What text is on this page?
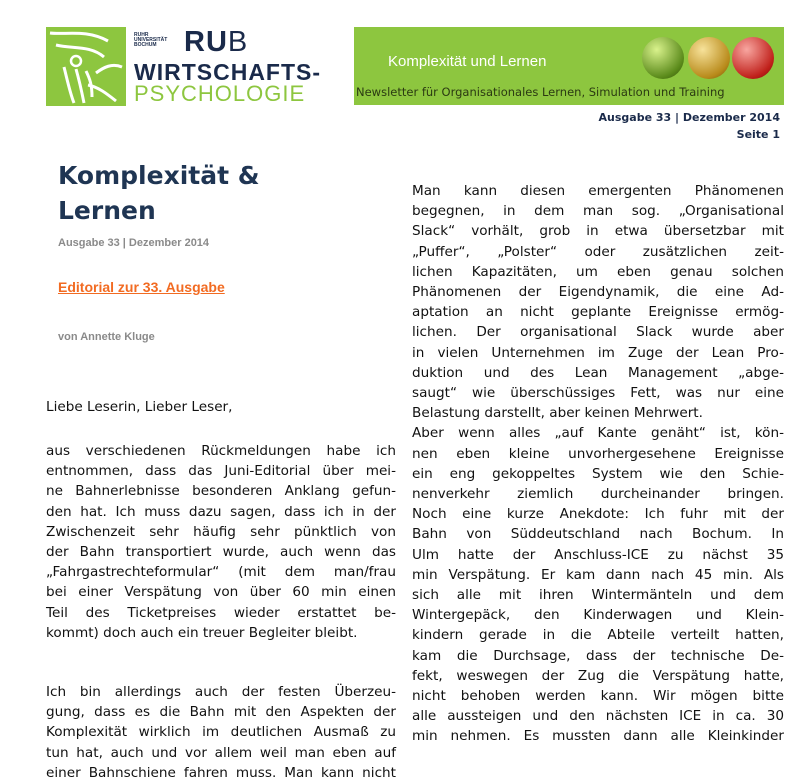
RUHR
UNIVERSITÄT
BOCHUM RUB
WIRTSCHAFTS-
PSYCHOLOGIE
Komplexität und Lernen
Newsletter für Organisationales Lernen, Simulation und Training
Ausgabe 33 | Dezember 2014
Seite 1
Komplexität &
Lernen
Ausgabe 33 | Dezember 2014
Editorial zur 33. Ausgabe
von Annette Kluge
Liebe Leserin, Lieber Leser,
aus verschiedenen Rückmeldungen habe ich
entnommen, dass das Juni-Editorial über mei-
ne Bahnerlebnisse besonderen Anklang gefun-
den hat. Ich muss dazu sagen, dass ich in der
Zwischenzeit sehr häufig sehr pünktlich von
der Bahn transportiert wurde, auch wenn das
„Fahrgastrechteformular“ (mit dem man/frau
bei einer Verspätung von über 60 min einen
Teil des Ticketpreises wieder erstattet be-
kommt) doch auch ein treuer Begleiter bleibt.
Ich bin allerdings auch der festen Überzeu-
gung, dass es die Bahn mit den Aspekten der
Komplexität wirklich im deutlichen Ausmaß zu
tun hat, auch und vor allem weil man eben auf
einer Bahnschiene fahren muss. Man kann nicht
Man kann diesen emergenten Phänomenen
begegnen, in dem man sog. „Organisational
Slack“ vorhält, grob in etwa übersetzbar mit
„Puffer“, „Polster“ oder zusätzlichen zeit-
lichen Kapazitäten, um eben genau solchen
Phänomenen der Eigendynamik, die eine Ad-
aptation an nicht geplante Ereignisse ermög-
lichen. Der organisational Slack wurde aber
in vielen Unternehmen im Zuge der Lean Pro-
duktion und des Lean Management „abge-
saugt“ wie überschüssiges Fett, was nur eine
Belastung darstellt, aber keinen Mehrwert.
Aber wenn alles „auf Kante genäht“ ist, kön-
nen eben kleine unvorhergesehene Ereignisse
ein eng gekoppeltes System wie den Schie-
nenverkehr ziemlich durcheinander bringen.
Noch eine kurze Anekdote: Ich fuhr mit der
Bahn von Süddeutschland nach Bochum. In
Ulm hatte der Anschluss-ICE zu nächst 35
min Verspätung. Er kam dann nach 45 min. Als
sich alle mit ihren Wintermänteln und dem
Wintergepäck, den Kinderwagen und Klein-
kindern gerade in die Abteile verteilt hatten,
kam die Durchsage, dass der technische De-
fekt, weswegen der Zug die Verspätung hatte,
nicht behoben werden kann. Wir mögen bitte
alle aussteigen und den nächsten ICE in ca. 30
min nehmen. Es mussten dann alle Kleinkinder
